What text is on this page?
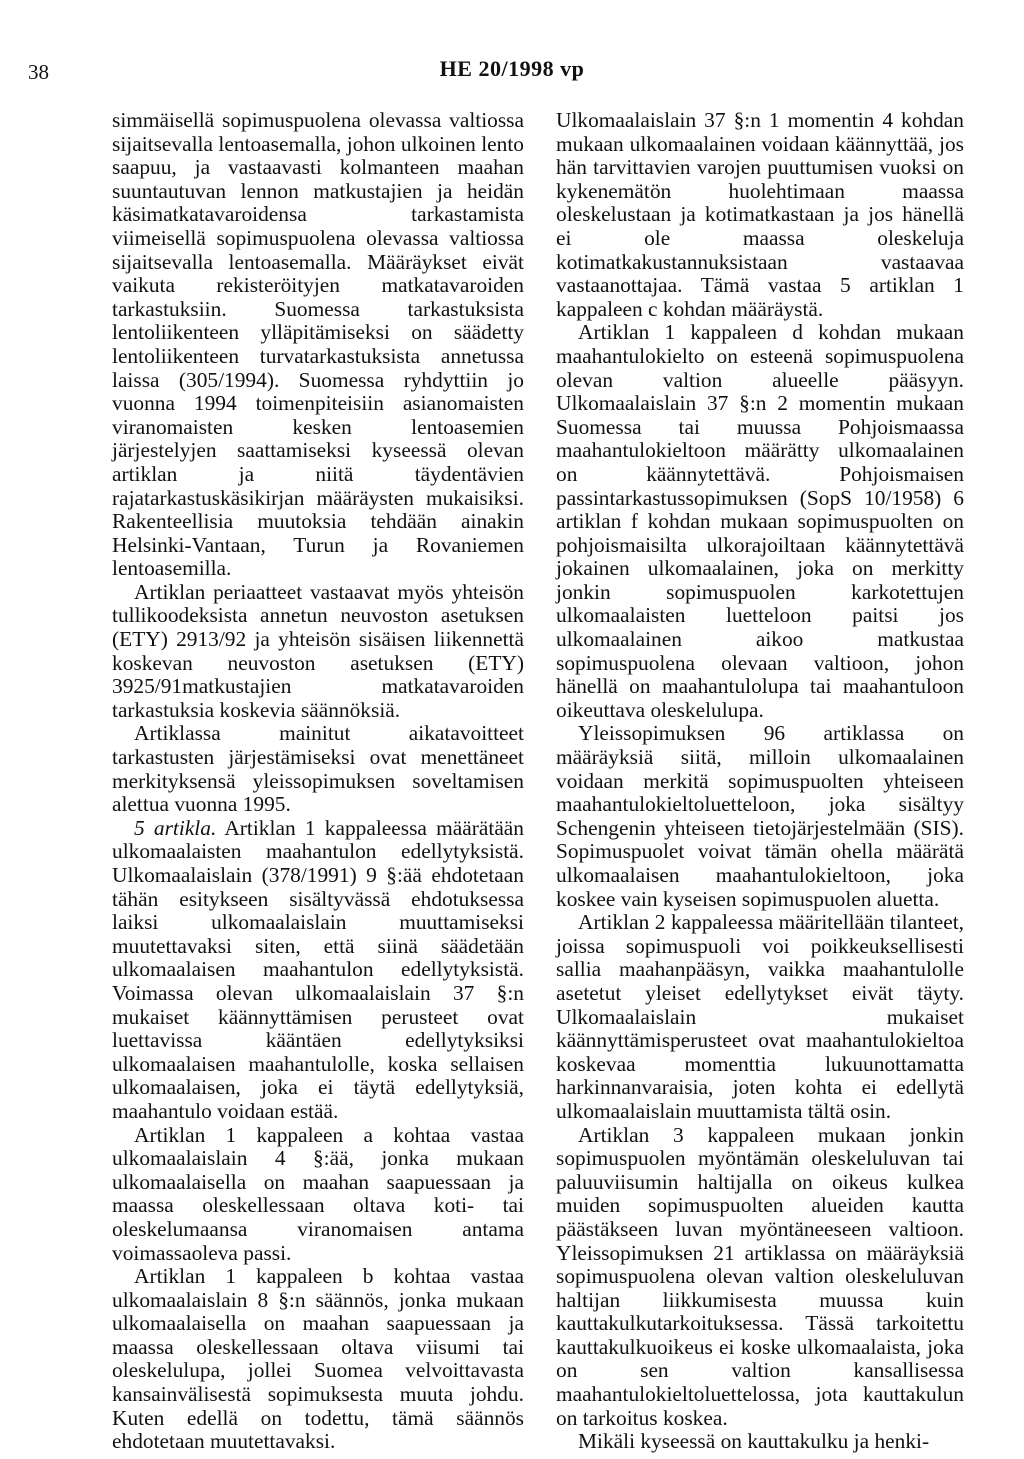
38	HE 20/1998 vp

simmäisellä sopimuspuolena olevassa valtiossa sijaitsevalla lentoasemalla, johon ulkoinen lento saapuu, ja vastaavasti kolmanteen maahan suuntautuvan lennon matkustajien ja heidän käsimatkatavaroidensa tarkastamista viimeisellä sopimuspuolena olevassa valtiossa sijaitsevalla lentoasemalla. Määräykset eivät vaikuta rekisteröityjen matkatavaroiden tarkastuksiin. Suomessa tarkastuksista lentoliikenteen ylläpitämiseksi on säädetty lentoliikenteen turvatarkastuksista annetussa laissa (305/1994). Suomessa ryhdyttiin jo vuonna 1994 toimenpiteisiin asianomaisten viranomaisten kesken lentoasemien järjestelyjen saattamiseksi kyseessä olevan artiklan ja niitä täydentävien rajatarkastuskäsikirjan määräysten mukaisiksi. Rakenteellisia muutoksia tehdään ainakin Helsinki-Vantaan, Turun ja Rovaniemen lentoasemilla.

Artiklan periaatteet vastaavat myös yhteisön tullikoodeksista annetun neuvoston asetuksen (ETY) 2913/92 ja yhteisön sisäisen liikennettä koskevan neuvoston asetuksen (ETY) 3925/91matkustajien matkatavaroiden tarkastuksia koskevia säännöksiä.

Artiklassa mainitut aikatavoitteet tarkastusten järjestämiseksi ovat menettäneet merkityksensä yleissopimuksen soveltamisen alettua vuonna 1995.

5 artikla. Artiklan 1 kappaleessa määrätään ulkomaalaisten maahantulon edellytyksistä. Ulkomaalaislain (378/1991) 9 §:ää ehdotetaan tähän esitykseen sisältyvässä ehdotuksessa laiksi ulkomaalaislain muuttamiseksi muutettavaksi siten, että siinä säädetään ulkomaalaisen maahantulon edellytyksistä. Voimassa olevan ulkomaalaislain 37 §:n mukaiset käännyttämisen perusteet ovat luettavissa kääntäen edellytyksiksi ulkomaalaisen maahantulolle, koska sellaisen ulkomaalaisen, joka ei täytä edellytyksiä, maahantulo voidaan estää.

Artiklan 1 kappaleen a kohtaa vastaa ulkomaalaislain 4 §:ää, jonka mukaan ulkomaalaisella on maahan saapuessaan ja maassa oleskellessaan oltava koti- tai oleskelumaansa viranomaisen antama voimassaoleva passi.

Artiklan 1 kappaleen b kohtaa vastaa ulkomaalaislain 8 §:n säännös, jonka mukaan ulkomaalaisella on maahan saapuessaan ja maassa oleskellessaan oltava viisumi tai oleskelulupa, jollei Suomea velvoittavasta kansainvälisestä sopimuksesta muuta johdu. Kuten edellä on todettu, tämä säännös ehdotetaan muutettavaksi.

Ulkomaalaislain 37 §:n 1 momentin 4 kohdan mukaan ulkomaalainen voidaan käännyttää, jos hän tarvittavien varojen puuttumisen vuoksi on kykenemätön huolehtimaan maassa oleskelustaan ja kotimatkastaan ja jos hänellä ei ole maassa oleskeluja kotimatkakustannuksistaan vastaavaa vastaanottajaa. Tämä vastaa 5 artiklan 1 kappaleen c kohdan määräystä.

Artiklan 1 kappaleen d kohdan mukaan maahantulokielto on esteenä sopimuspuolena olevan valtion alueelle pääsyyn. Ulkomaalaislain 37 §:n 2 momentin mukaan Suomessa tai muussa Pohjoismaassa maahantulokieltoon määrätty ulkomaalainen on käännytettävä. Pohjoismaisen passintarkastussopimuksen (SopS 10/1958) 6 artiklan f kohdan mukaan sopimuspuolten on pohjoismaisilta ulkorajoiltaan käännytettävä jokainen ulkomaalainen, joka on merkitty jonkin sopimuspuolen karkotettujen ulkomaalaisten luetteloon paitsi jos ulkomaalainen aikoo matkustaa sopimuspuolena olevaan valtioon, johon hänellä on maahantulolupa tai maahantuloon oikeuttava oleskelulupa.

Yleissopimuksen 96 artiklassa on määräyksiä siitä, milloin ulkomaalainen voidaan merkitä sopimuspuolten yhteiseen maahantulokieltoluetteloon, joka sisältyy Schengenin yhteiseen tietojärjestelmään (SIS). Sopimuspuolet voivat tämän ohella määrätä ulkomaalaisen maahantulokieltoon, joka koskee vain kyseisen sopimuspuolen aluetta.

Artiklan 2 kappaleessa määritellään tilanteet, joissa sopimuspuoli voi poikkeuksellisesti sallia maahanpääsyn, vaikka maahantulolle asetetut yleiset edellytykset eivät täyty. Ulkomaalaislain mukaiset käännyttämisperusteet ovat maahantulokieltoa koskevaa momenttia lukuunottamatta harkinnanvaraisia, joten kohta ei edellytä ulkomaalaislain muuttamista tältä osin.

Artiklan 3 kappaleen mukaan jonkin sopimuspuolen myöntämän oleskeluluvan tai paluuviisumin haltijalla on oikeus kulkea muiden sopimuspuolten alueiden kautta päästäkseen luvan myöntäneeseen valtioon. Yleissopimuksen 21 artiklassa on määräyksiä sopimuspuolena olevan valtion oleskeluluvan haltijan liikkumisesta muussa kuin kauttakulkutarkoituksessa. Tässä tarkoitettu kauttakulkuoikeus ei koske ulkomaalaista, joka on sen valtion kansallisessa maahantulokieltoluettelossa, jota kauttakulun on tarkoitus koskea.

Mikäli kyseessä on kauttakulku ja henki-
